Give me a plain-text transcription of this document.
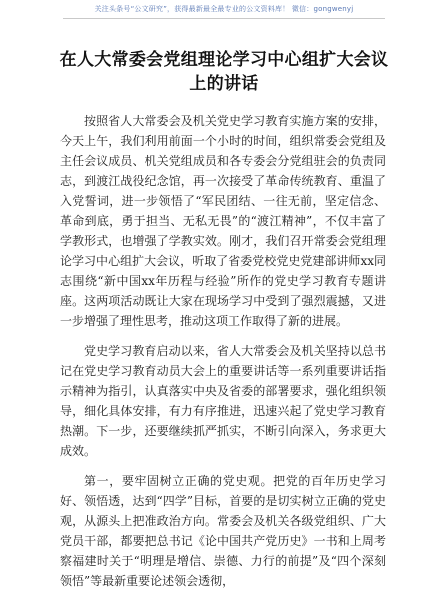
关注头条号“公文研究”，获得最新最全最专业的公文资料库！ 微信：gongwenyj
在人大常委会党组理论学习中心组扩大会议上的讲话

按照省人大常委会及机关党史学习教育实施方案的安排，今天上午，我们利用前面一个小时的时间，组织常委会党组及主任会议成员、机关党组成员和各专委会分党组驻会的负责同志，到渡江战役纪念馆，再一次接受了革命传统教育、重温了入党誓词，进一步领悟了“军民团结、一往无前，坚定信念、革命到底，勇于担当、无私无畏”的“渡江精神”，不仅丰富了学教形式，也增强了学教实效。刚才，我们召开常委会党组理论学习中心组扩大会议，听取了省委党校党史党建部讲师xx同志围绕“新中国xx年历程与经验”所作的党史学习教育专题讲座。这两项活动既让大家在现场学习中受到了强烈震撼，又进一步增强了理性思考，推动这项工作取得了新的进展。

党史学习教育启动以来，省人大常委会及机关坚持以总书记在党史学习教育动员大会上的重要讲话等一系列重要讲话指示精神为指引，认真落实中央及省委的部署要求，强化组织领导，细化具体安排，有力有序推进，迅速兴起了党史学习教育热潮。下一步，还要继续抓严抓实，不断引向深入，务求更大成效。

第一，要牢固树立正确的党史观。把党的百年历史学习好、领悟透，达到“四学”目标，首要的是切实树立正确的党史观，从源头上把准政治方向。常委会及机关各级党组织、广大党员干部，都要把总书记《论中国共产党历史》一书和上周考察福建时关于“明理是增信、崇德、力行的前提”及“四个深刻领悟”等最新重要论述领会透彻，
